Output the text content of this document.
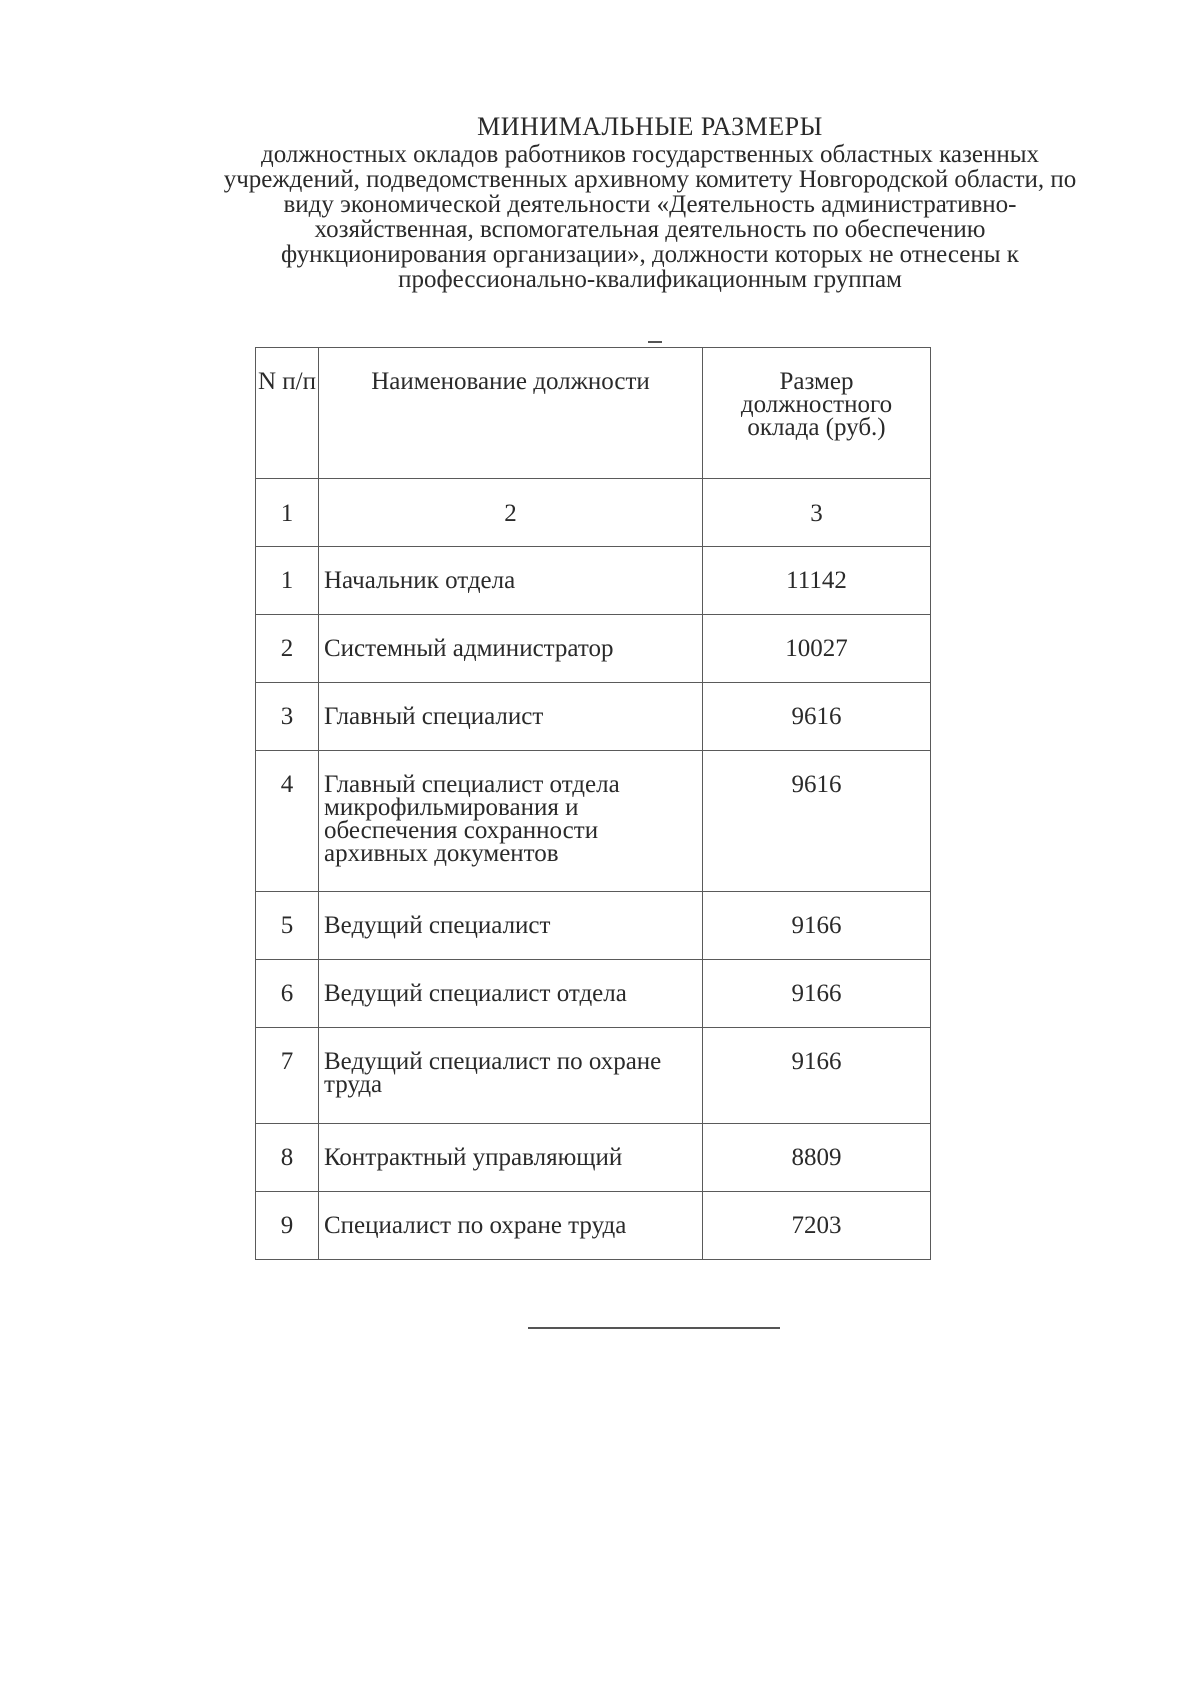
МИНИМАЛЬНЫЕ РАЗМЕРЫ

должностных окладов работников государственных областных казенных

учреждений, подведомственных архивному комитету Новгородской области, по

виду экономической деятельности «Деятельность административно-

хозяйственная, вспомогательная деятельность по обеспечению

функционирования организации», должности которых не отнесены к

профессионально-квалификационным группам

N п/п	Наименование должности	Размер должностного оклада (руб.)

1	2	3

1	Начальник отдела	11142

2	Системный администратор	10027

3	Главный специалист	9616

4	Главный специалист отдела микрофильмирования и обеспечения сохранности архивных документов	9616

5	Ведущий специалист	9166

6	Ведущий специалист отдела	9166

7	Ведущий специалист по охране труда	9166

8	Контрактный управляющий	8809

9	Специалист по охране труда	7203
